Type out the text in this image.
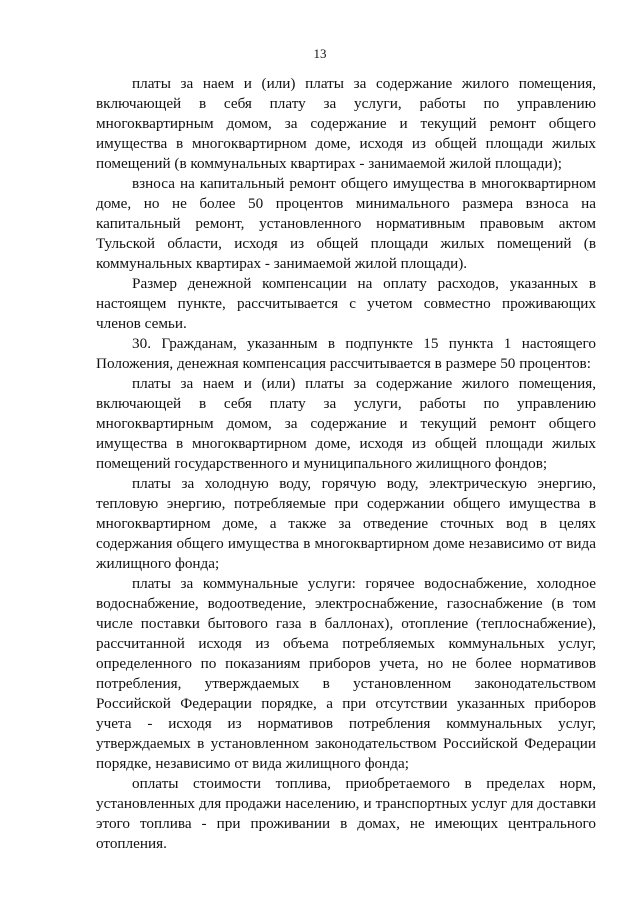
13

платы за наем и (или) платы за содержание жилого помещения, включающей в себя плату за услуги, работы по управлению многоквартирным домом, за содержание и текущий ремонт общего имущества в многоквартирном доме, исходя из общей площади жилых помещений (в коммунальных квартирах - занимаемой жилой площади);

взноса на капитальный ремонт общего имущества в многоквартирном доме, но не более 50 процентов минимального размера взноса на капитальный ремонт, установленного нормативным правовым актом Тульской области, исходя из общей площади жилых помещений (в коммунальных квартирах - занимаемой жилой площади).

Размер денежной компенсации на оплату расходов, указанных в настоящем пункте, рассчитывается с учетом совместно проживающих членов семьи.

30. Гражданам, указанным в подпункте 15 пункта 1 настоящего Положения, денежная компенсация рассчитывается в размере 50 процентов:

платы за наем и (или) платы за содержание жилого помещения, включающей в себя плату за услуги, работы по управлению многоквартирным домом, за содержание и текущий ремонт общего имущества в многоквартирном доме, исходя из общей площади жилых помещений государственного и муниципального жилищного фондов;

платы за холодную воду, горячую воду, электрическую энергию, тепловую энергию, потребляемые при содержании общего имущества в многоквартирном доме, а также за отведение сточных вод в целях содержания общего имущества в многоквартирном доме независимо от вида жилищного фонда;

платы за коммунальные услуги: горячее водоснабжение, холодное водоснабжение, водоотведение, электроснабжение, газоснабжение (в том числе поставки бытового газа в баллонах), отопление (теплоснабжение), рассчитанной исходя из объема потребляемых коммунальных услуг, определенного по показаниям приборов учета, но не более нормативов потребления, утверждаемых в установленном законодательством Российской Федерации порядке, а при отсутствии указанных приборов учета - исходя из нормативов потребления коммунальных услуг, утверждаемых в установленном законодательством Российской Федерации порядке, независимо от вида жилищного фонда;

оплаты стоимости топлива, приобретаемого в пределах норм, установленных для продажи населению, и транспортных услуг для доставки этого топлива - при проживании в домах, не имеющих центрального отопления.
